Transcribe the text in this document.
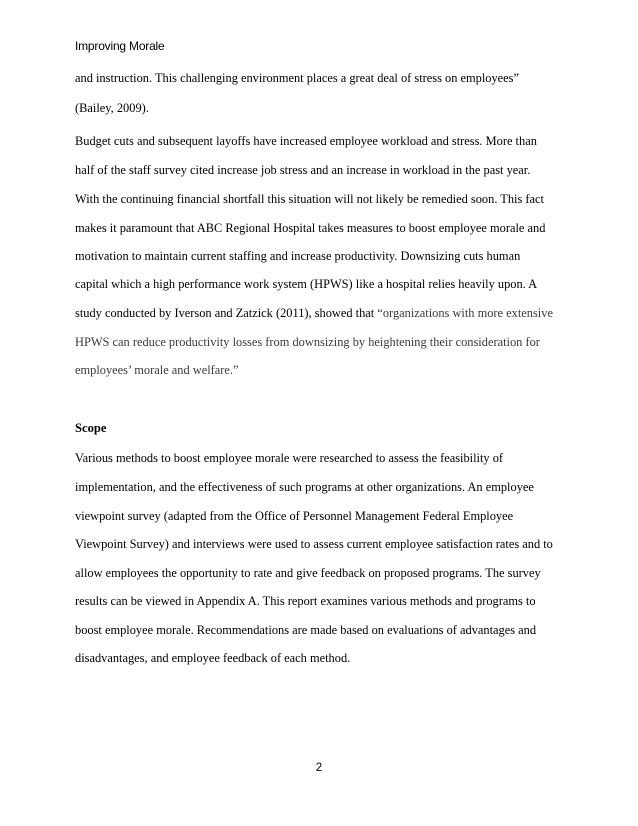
Improving Morale
and instruction. This challenging environment places a great deal of stress on employees”
(Bailey, 2009).
Budget cuts and subsequent layoffs have increased employee workload and stress. More than
half of the staff survey cited increase job stress and an increase in workload in the past year.
With the continuing financial shortfall this situation will not likely be remedied soon. This fact
makes it paramount that ABC Regional Hospital takes measures to boost employee morale and
motivation to maintain current staffing and increase productivity. Downsizing cuts human
capital which a high performance work system (HPWS) like a hospital relies heavily upon. A
study conducted by Iverson and Zatzick (2011), showed that “organizations with more extensive
HPWS can reduce productivity losses from downsizing by heightening their consideration for
employees’ morale and welfare.”
Scope
Various methods to boost employee morale were researched to assess the feasibility of
implementation, and the effectiveness of such programs at other organizations. An employee
viewpoint survey (adapted from the Office of Personnel Management Federal Employee
Viewpoint Survey) and interviews were used to assess current employee satisfaction rates and to
allow employees the opportunity to rate and give feedback on proposed programs. The survey
results can be viewed in Appendix A. This report examines various methods and programs to
boost employee morale. Recommendations are made based on evaluations of advantages and
disadvantages, and employee feedback of each method.
2
